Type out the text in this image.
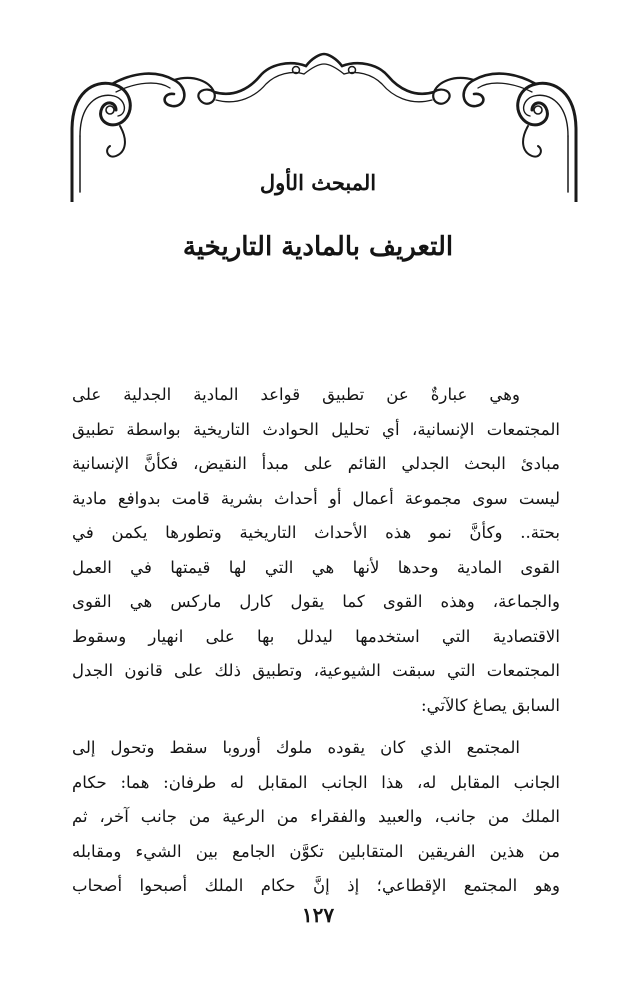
المبحث الأول
التعريف بالمادية التاريخية
وهي عبارةٌ عن تطبيق قواعد المادية الجدلية على
المجتمعات الإنسانية، أي تحليل الحوادث التاريخية بواسطة تطبيق
مبادئ البحث الجدلي القائم على مبدأ النقيض، فكأنَّ الإنسانية
ليست سوى مجموعة أعمال أو أحداث بشرية قامت بدوافع مادية
بحتة.. وكأنَّ نمو هذه الأحداث التاريخية وتطورها يكمن في
القوى المادية وحدها لأنها هي التي لها قيمتها في العمل
والجماعة، وهذه القوى كما يقول كارل ماركس هي القوى
الاقتصادية التي استخدمها ليدلل بها على انهيار وسقوط
المجتمعات التي سبقت الشيوعية، وتطبيق ذلك على قانون الجدل
السابق يصاغ كالآتي:
المجتمع الذي كان يقوده ملوك أوروبا سقط وتحول إلى
الجانب المقابل له، هذا الجانب المقابل له طرفان: هما: حكام
الملك من جانب، والعبيد والفقراء من الرعية من جانب آخر، ثم
من هذين الفريقين المتقابلين تكوَّن الجامع بين الشيء ومقابله
وهو المجتمع الإقطاعي؛ إذ إنَّ حكام الملك أصبحوا أصحاب
١٢٧
